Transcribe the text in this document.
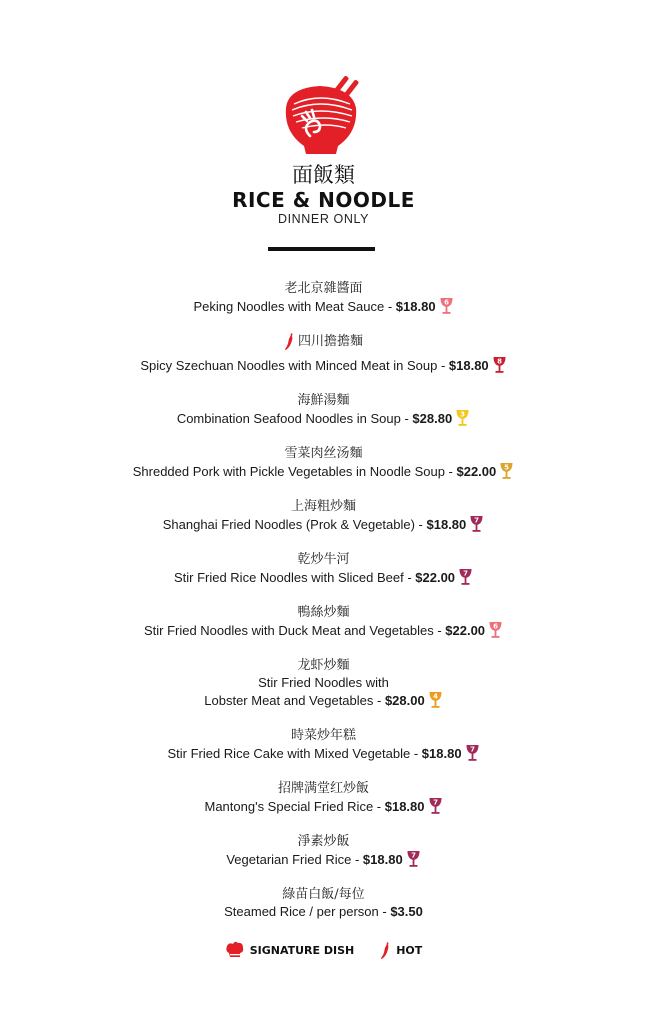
面飯類
RICE & NOODLE
DINNER ONLY
老北京雜醬面
Peking Noodles with Meat Sauce - $18.80 6
四川擔擔麵
Spicy Szechuan Noodles with Minced Meat in Soup - $18.80 8
海鮮湯麵
Combination Seafood Noodles in Soup - $28.80 3
雪菜肉丝汤麵
Shredded Pork with Pickle Vegetables in Noodle Soup - $22.00 5
上海粗炒麵
Shanghai Fried Noodles (Prok & Vegetable) - $18.80 7
乾炒牛河
Stir Fried Rice Noodles with Sliced Beef - $22.00 7
鴨絲炒麵
Stir Fried Noodles with Duck Meat and Vegetables - $22.00 6
龙虾炒麵
Stir Fried Noodles with
Lobster Meat and Vegetables - $28.00 4
時菜炒年糕
Stir Fried Rice Cake with Mixed Vegetable - $18.80 7
招牌满堂红炒飯
Mantong's Special Fried Rice - $18.80 7
淨素炒飯
Vegetarian Fried Rice - $18.80 7
綠苗白飯/每位
Steamed Rice / per person - $3.50
SIGNATURE DISH	HOT
